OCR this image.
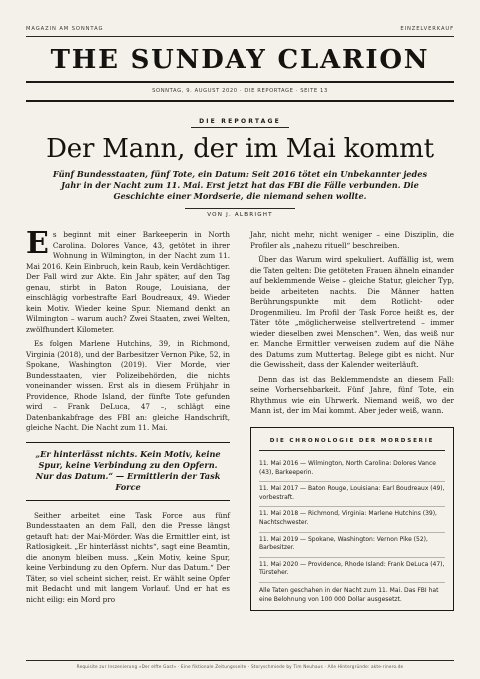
MAGAZIN AM SONNTAG	EINZELVERKAUF
THE SUNDAY CLARION
SONNTAG, 9. AUGUST 2020 · DIE REPORTAGE · SEITE 13
DIE REPORTAGE
Der Mann, der im Mai kommt
Fünf Bundesstaaten, fünf Tote, ein Datum: Seit 2016 tötet ein Unbekannter jedes Jahr in der Nacht zum 11. Mai. Erst jetzt hat das FBI die Fälle verbunden. Die Geschichte einer Mordserie, die niemand sehen wollte.
VON J. ALBRIGHT

Es beginnt mit einer Barkeeperin in North Carolina. Dolores Vance, 43, getötet in ihrer Wohnung in Wilmington, in der Nacht zum 11. Mai 2016. Kein Einbruch, kein Raub, kein Verdächtiger. Der Fall wird zur Akte. Ein Jahr später, auf den Tag genau, stirbt in Baton Rouge, Louisiana, der einschlägig vorbestrafte Earl Boudreaux, 49. Wieder kein Motiv. Wieder keine Spur. Niemand denkt an Wilmington – warum auch? Zwei Staaten, zwei Welten, zwölfhundert Kilometer.

Es folgen Marlene Hutchins, 39, in Richmond, Virginia (2018), und der Barbesitzer Vernon Pike, 52, in Spokane, Washington (2019). Vier Morde, vier Bundesstaaten, vier Polizeibehörden, die nichts voneinander wissen. Erst als in diesem Frühjahr in Providence, Rhode Island, der fünfte Tote gefunden wird – Frank DeLuca, 47 –, schlägt eine Datenbankabfrage des FBI an: gleiche Handschrift, gleiche Nacht. Die Nacht zum 11. Mai.

„Er hinterlässt nichts. Kein Motiv, keine Spur, keine Verbindung zu den Opfern. Nur das Datum.“ — Ermittlerin der Task Force

Seither arbeitet eine Task Force aus fünf Bundesstaaten an dem Fall, den die Presse längst getauft hat: der Mai-Mörder. Was die Ermittler eint, ist Ratlosigkeit. „Er hinterlässt nichts“, sagt eine Beamtin, die anonym bleiben muss. „Kein Motiv, keine Spur, keine Verbindung zu den Opfern. Nur das Datum.“ Der Täter, so viel scheint sicher, reist. Er wählt seine Opfer mit Bedacht und mit langem Vorlauf. Und er hat es nicht eilig: ein Mord pro

Jahr, nicht mehr, nicht weniger – eine Disziplin, die Profiler als „nahezu rituell“ beschreiben.

Über das Warum wird spekuliert. Auffällig ist, wem die Taten gelten: Die getöteten Frauen ähneln einander auf beklemmende Weise – gleiche Statur, gleicher Typ, beide arbeiteten nachts. Die Männer hatten Berührungspunkte mit dem Rotlicht- oder Drogenmilieu. Im Profil der Task Force heißt es, der Täter töte „möglicherweise stellvertretend – immer wieder dieselben zwei Menschen“. Wen, das weiß nur er. Manche Ermittler verweisen zudem auf die Nähe des Datums zum Muttertag. Belege gibt es nicht. Nur die Gewissheit, dass der Kalender weiterläuft.

Denn das ist das Beklemmendste an diesem Fall: seine Vorhersehbarkeit. Fünf Jahre, fünf Tote, ein Rhythmus wie ein Uhrwerk. Niemand weiß, wo der Mann ist, der im Mai kommt. Aber jeder weiß, wann.

DIE CHRONOLOGIE DER MORDSERIE
11. Mai 2016 — Wilmington, North Carolina: Dolores Vance (43), Barkeeperin.
11. Mai 2017 — Baton Rouge, Louisiana: Earl Boudreaux (49), vorbestraft.
11. Mai 2018 — Richmond, Virginia: Marlene Hutchins (39), Nachtschwester.
11. Mai 2019 — Spokane, Washington: Vernon Pike (52), Barbesitzer.
11. Mai 2020 — Providence, Rhode Island: Frank DeLuca (47), Türsteher.
Alle Taten geschahen in der Nacht zum 11. Mai. Das FBI hat eine Belohnung von 100 000 Dollar ausgesetzt.
Requisite zur Inszenierung »Der elfte Gast« · Eine fiktionale Zeitungsseite · Storyschmiede by Tim Neuhaus · Alle Hintergründe: akte-rinero.de
